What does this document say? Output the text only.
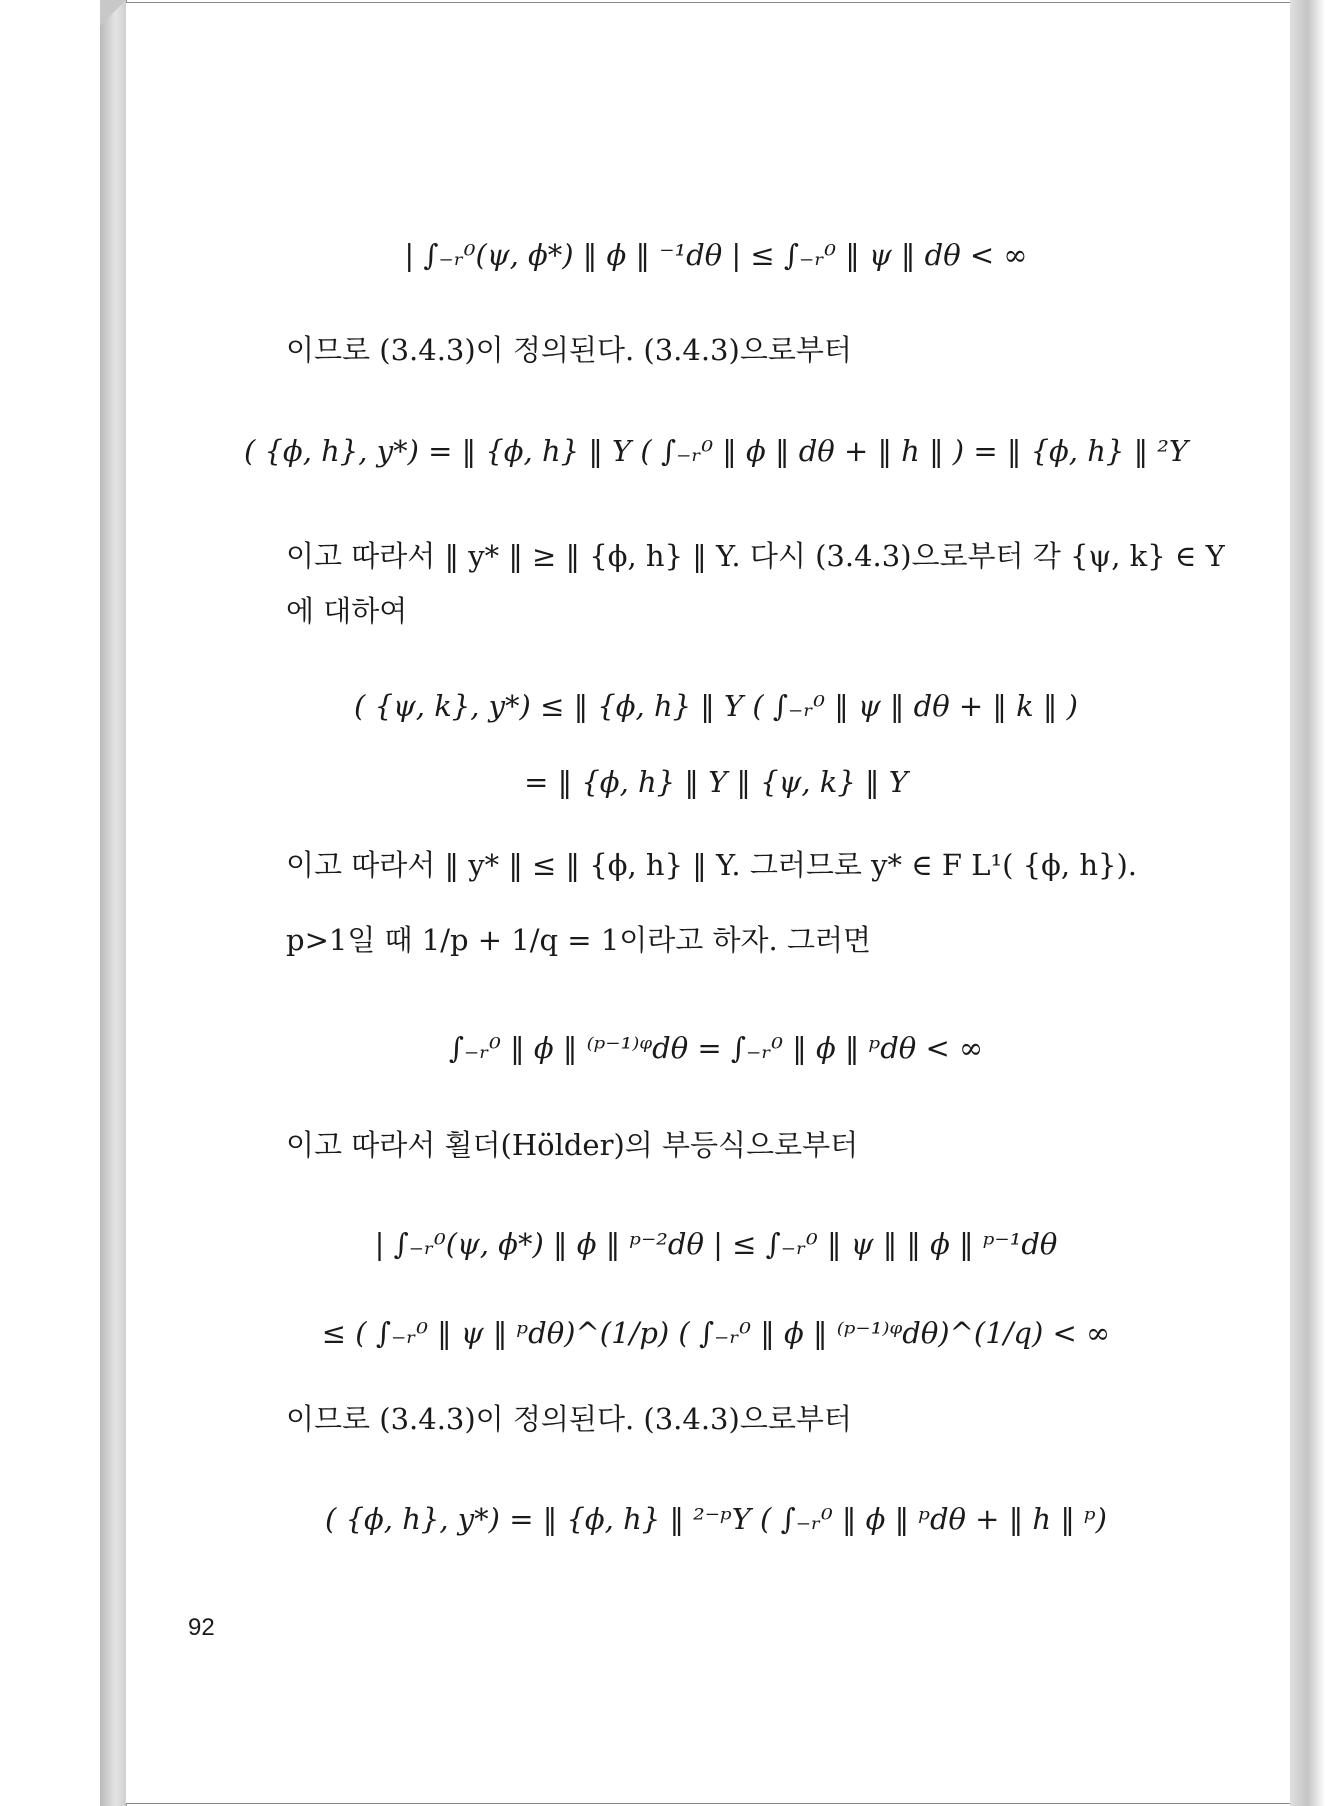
| ∫₋ᵣ⁰(ψ, ϕ*) ‖ ϕ ‖ ⁻¹dθ | ≤ ∫₋ᵣ⁰ ‖ ψ ‖ dθ < ∞
이므로 (3.4.3)이 정의된다. (3.4.3)으로부터
( {ϕ, h}, y*) = ‖ {ϕ, h} ‖ Y ( ∫₋ᵣ⁰ ‖ ϕ ‖ dθ + ‖ h ‖ ) = ‖ {ϕ, h} ‖ ²Y
이고 따라서 ‖ y* ‖ ≥ ‖ {ϕ, h} ‖ Y. 다시 (3.4.3)으로부터 각 {ψ, k} ∈ Y
에 대하여
( {ψ, k}, y*) ≤ ‖ {ϕ, h} ‖ Y ( ∫₋ᵣ⁰ ‖ ψ ‖ dθ + ‖ k ‖ )
= ‖ {ϕ, h} ‖ Y ‖ {ψ, k} ‖ Y
이고 따라서 ‖ y* ‖ ≤ ‖ {ϕ, h} ‖ Y. 그러므로 y* ∈ F L¹( {ϕ, h}).
p>1일 때 1/p + 1/q = 1이라고 하자. 그러면
∫₋ᵣ⁰ ‖ ϕ ‖ ⁽ᵖ⁻¹⁾ᵠdθ = ∫₋ᵣ⁰ ‖ ϕ ‖ ᵖdθ < ∞
이고 따라서 횔더(Hölder)의 부등식으로부터
| ∫₋ᵣ⁰(ψ, ϕ*) ‖ ϕ ‖ ᵖ⁻²dθ | ≤ ∫₋ᵣ⁰ ‖ ψ ‖ ‖ ϕ ‖ ᵖ⁻¹dθ
≤ ( ∫₋ᵣ⁰ ‖ ψ ‖ ᵖdθ)^(1/p) ( ∫₋ᵣ⁰ ‖ ϕ ‖ ⁽ᵖ⁻¹⁾ᵠdθ)^(1/q) < ∞
이므로 (3.4.3)이 정의된다. (3.4.3)으로부터
( {ϕ, h}, y*) = ‖ {ϕ, h} ‖ ²⁻ᵖY ( ∫₋ᵣ⁰ ‖ ϕ ‖ ᵖdθ + ‖ h ‖ ᵖ)
92
